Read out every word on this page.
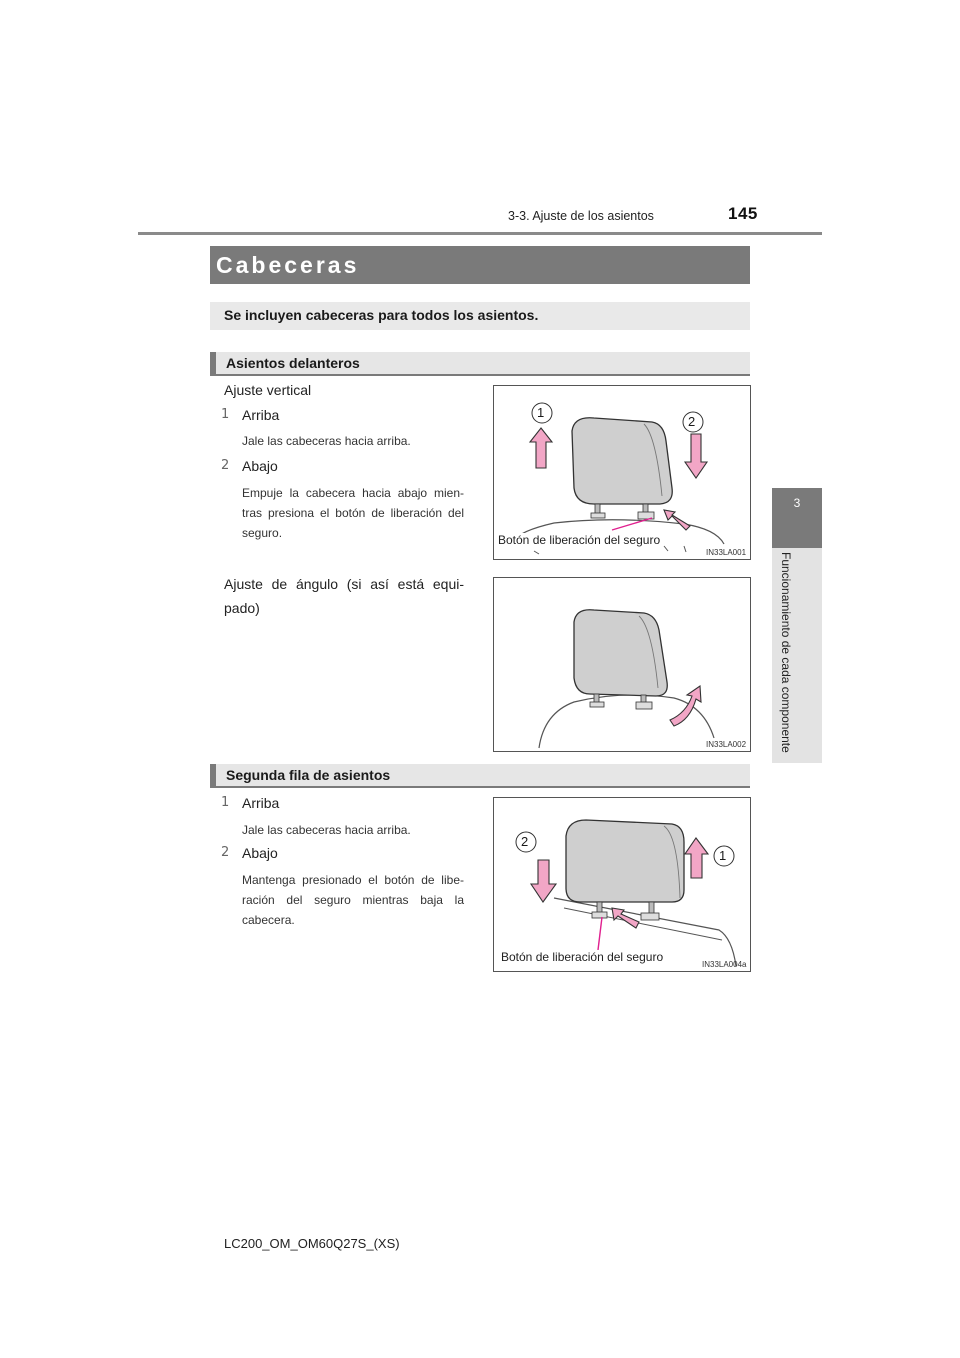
3-3. Ajuste de los asientos	145
3
Funcionamiento de cada componente
Cabeceras
Se incluyen cabeceras para todos los asientos.
Asientos delanteros
Ajuste vertical
1 Arriba
Jale las cabeceras hacia arriba.
2 Abajo
Empuje la cabecera hacia abajo mien-
tras presiona el botón de liberación del
seguro.
Ajuste de ángulo (si así está equi-
pado)
1
2
Botón de liberación del seguro
IN33LA001
IN33LA002
Segunda fila de asientos
1 Arriba
Jale las cabeceras hacia arriba.
2 Abajo
Mantenga presionado el botón de libe-
ración del seguro mientras baja la
cabecera.
2
1
Botón de liberación del seguro
IN33LA004a
LC200_OM_OM60Q27S_(XS)
